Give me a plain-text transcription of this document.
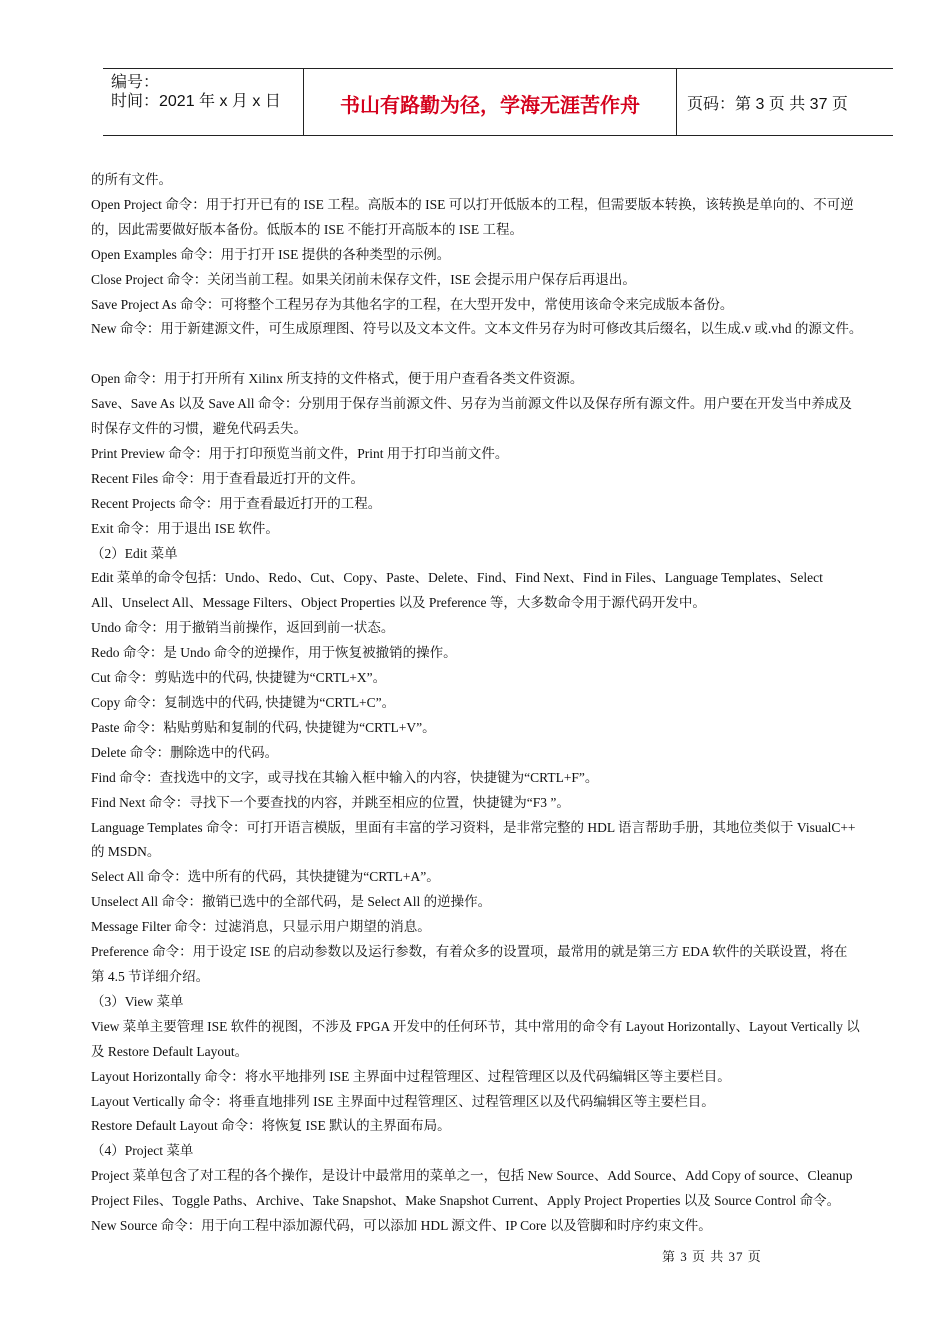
编号：
时间：2021 年 x 月 x 日	书山有路勤为径，学海无涯苦作舟	页码：第 3 页 共 37 页

的所有文件。

Open Project 命令：用于打开已有的 ISE 工程。高版本的 ISE 可以打开低版本的工程，但需要版本转换，该转换是单向的、不可逆

的，因此需要做好版本备份。低版本的 ISE 不能打开高版本的 ISE 工程。

Open Examples 命令：用于打开 ISE 提供的各种类型的示例。

Close Project 命令：关闭当前工程。如果关闭前未保存文件，ISE 会提示用户保存后再退出。

Save Project As 命令：可将整个工程另存为其他名字的工程，在大型开发中，常使用该命令来完成版本备份。

New 命令：用于新建源文件，可生成原理图、符号以及文本文件。文本文件另存为时可修改其后缀名，以生成.v 或.vhd 的源文件。

Open 命令：用于打开所有 Xilinx 所支持的文件格式，便于用户查看各类文件资源。

Save、Save As 以及 Save All 命令：分别用于保存当前源文件、另存为当前源文件以及保存所有源文件。用户要在开发当中养成及

时保存文件的习惯，避免代码丢失。

Print Preview 命令：用于打印预览当前文件，Print 用于打印当前文件。

Recent Files 命令：用于查看最近打开的文件。

Recent Projects 命令：用于查看最近打开的工程。

Exit 命令：用于退出 ISE 软件。

（2）Edit 菜单

Edit 菜单的命令包括：Undo、Redo、Cut、Copy、Paste、Delete、Find、Find Next、Find in Files、Language Templates、Select

All、Unselect All、Message Filters、Object Properties 以及 Preference 等，大多数命令用于源代码开发中。

Undo 命令：用于撤销当前操作，返回到前一状态。

Redo 命令：是 Undo 命令的逆操作，用于恢复被撤销的操作。

Cut 命令：剪贴选中的代码, 快捷键为“CRTL+X”。

Copy 命令：复制选中的代码, 快捷键为“CRTL+C”。

Paste 命令：粘贴剪贴和复制的代码, 快捷键为“CRTL+V”。

Delete 命令：删除选中的代码。

Find 命令：查找选中的文字，或寻找在其输入框中输入的内容，快捷键为“CRTL+F”。

Find Next 命令：寻找下一个要查找的内容，并跳至相应的位置，快捷键为“F3 ”。

Language Templates 命令：可打开语言模版，里面有丰富的学习资料，是非常完整的 HDL 语言帮助手册，其地位类似于 VisualC++

的 MSDN。

Select All 命令：选中所有的代码，其快捷键为“CRTL+A”。

Unselect All 命令：撤销已选中的全部代码，是 Select All 的逆操作。

Message Filter 命令：过滤消息，只显示用户期望的消息。

Preference 命令：用于设定 ISE 的启动参数以及运行参数，有着众多的设置项，最常用的就是第三方 EDA 软件的关联设置，将在

第 4.5 节详细介绍。

（3）View 菜单

View 菜单主要管理 ISE 软件的视图，不涉及 FPGA 开发中的任何环节，其中常用的命令有 Layout Horizontally、Layout Vertically 以

及 Restore Default Layout。

Layout Horizontally 命令：将水平地排列 ISE 主界面中过程管理区、过程管理区以及代码编辑区等主要栏目。

Layout Vertically 命令：将垂直地排列 ISE 主界面中过程管理区、过程管理区以及代码编辑区等主要栏目。

Restore Default Layout 命令：将恢复 ISE 默认的主界面布局。

（4）Project 菜单

Project 菜单包含了对工程的各个操作，是设计中最常用的菜单之一，包括 New Source、Add Source、Add Copy of source、Cleanup

Project Files、Toggle Paths、Archive、Take Snapshot、Make Snapshot Current、Apply Project Properties 以及 Source Control 命令。

New Source 命令：用于向工程中添加源代码，可以添加 HDL 源文件、IP Core 以及管脚和时序约束文件。

第 3 页 共 37 页
